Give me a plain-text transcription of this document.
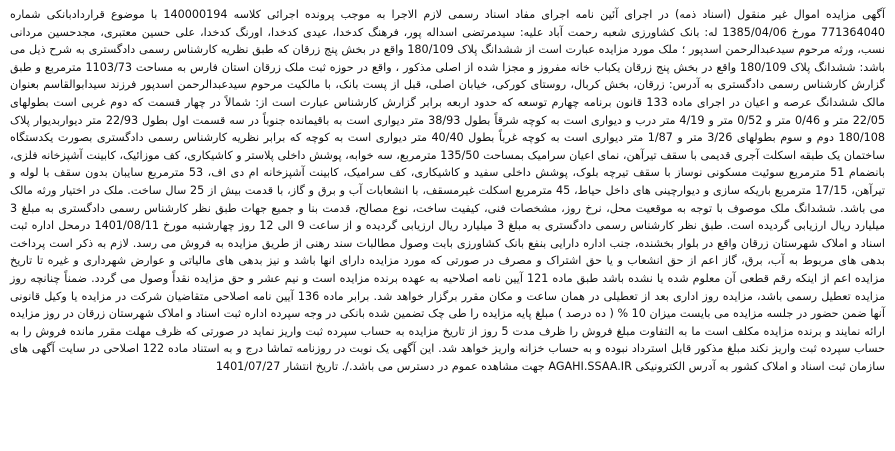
آگهی مزایده اموال غیر منقول (اسناد ذمه) در اجرای آئین نامه اجرای مفاد اسناد رسمی لازم الاجرا به موجب پرونده اجرائی کلاسه 140000194 با موضوع قراردادبانکی شماره 771364040 مورخ 1385/04/06 له: بانک کشاورزی شعبه رحمت آباد علیه: سیدمرتضی اسداله پور، فرهنگ کدخدا، عیدی کدخدا، اورنگ کدخدا، علی حسین معتبری، مجدحسین مردانی نسب، ورثه مرحوم سیدعبدالرحمن اسدپور ؛ ملک مورد مزایده عبارت است از ششدانگ پلاک 180/109 واقع در بخش پنج زرقان که طبق نظریه کارشناس رسمی دادگستری به شرح ذیل می باشد: ششدانگ پلاک 180/109 واقع در بخش پنج زرقان یکباب خانه مفروز و مجزا شده از اصلی مذکور ، واقع در حوزه ثبت ملک زرقان استان فارس به مساحت 1103/73 مترمربع و طبق گزارش کارشناس رسمی دادگستری به آدرس: زرقان، بخش کربال، روستای کورکی، خیابان اصلی، قبل از پست بانک، با مالکیت مرحوم سیدعبدالرحمن اسدپور فرزند سیدابوالقاسم بعنوان مالک ششدانگ عرصه و اعیان در اجرای ماده 133 قانون برنامه چهارم توسعه که حدود اربعه برابر گزارش کارشناس عبارت است از: شمالاً در چهار قسمت که دوم غربی است بطولهای 22/05 متر و 0/46 متر و 0/52 متر و 4/19 متر درب و دیواری است به کوچه شرقاً بطول 38/93 متر دیواری است به باقیمانده جنوباً در سه قسمت اول بطول 22/93 متر دیواربدیوار پلاک 180/108 دوم و سوم بطولهای 3/26 متر و 1/87 متر دیواری است به کوچه غرباً بطول 40/40 متر دیواری است به کوچه که برابر نظریه کارشناس رسمی دادگستری بصورت یکدستگاه ساختمان یک طبقه اسکلت آجری قدیمی با سقف تیرآهن، نمای اعیان سرامیک بمساحت 135/50 مترمربع، سه خوابه، پوشش داخلی پلاستر و کاشیکاری، کف موزائیک، کابینت آشپزخانه فلزی، بانضمام 51 مترمربع سوئیت مسکونی نوساز با سقف تیرچه بلوک، پوشش داخلی سفید و کاشیکاری، کف سرامیک، کابینت آشپزخانه ام دی اف، 53 مترمربع سایبان بدون سقف با لوله و تیرآهن، 17/15 مترمربع باریکه سازی و دیوارچینی های داخل حیاط، 45 مترمربع اسکلت غیرمسقف، با انشعابات آب و برق و گاز، با قدمت بیش از 25 سال ساخت. ملک در اختیار ورثه مالک می باشد. ششدانگ ملک موصوف با توجه به موقعیت محل، نرخ روز، مشخصات فنی، کیفیت ساخت، نوع مصالح، قدمت بنا و جمیع جهات طبق نظر کارشناس رسمی دادگستری به مبلغ 3 میلیارد ریال ارزیابی گردیده است. طبق نظر کارشناس رسمی دادگستری به مبلغ 3 میلیارد ریال ارزیابی گردیده و از ساعت 9 الی 12 روز چهارشنبه مورخ 1401/08/11 درمحل اداره ثبت اسناد و املاک شهرستان زرقان واقع در بلوار بخشنده، جنب اداره دارایی بنفع بانک کشاورزی بابت وصول مطالبات سند رهنی از طریق مزایده به فروش می رسد. لازم به ذکر است پرداخت بدهی های مربوط به آب، برق، گاز اعم از حق انشعاب و یا حق اشتراک و مصرف در صورتی که مورد مزایده دارای انها باشد و نیز بدهی های مالیاتی و عوارض شهرداری و غیره تا تاریخ مزایده اعم از اینکه رقم قطعی آن معلوم شده یا نشده باشد طبق ماده 121 آیین نامه اصلاحیه به عهده برنده مزایده است و نیم عشر و حق مزایده نقداً وصول می گردد. ضمناً چنانچه روز مزایده تعطیل رسمی باشد، مزایده روز اداری بعد از تعطیلی در همان ساعت و مکان مقرر برگزار خواهد شد. برابر ماده 136 آیین نامه اصلاحی متقاضیان شرکت در مزایده یا وکیل قانونی آنها ضمن حضور در جلسه مزایده می بایست میزان 10 % ( ده درصد ) مبلغ پایه مزایده را طی چک تضمین شده بانکی در وجه سپرده اداره ثبت اسناد و املاک شهرستان زرقان در روز مزایده ارائه نمایند و برنده مزایده مکلف است ما به التفاوت مبلغ فروش را ظرف مدت 5 روز از تاریخ مزایده به حساب سپرده ثبت واریز نماید در صورتی که ظرف مهلت مقرر مانده فروش را به حساب سپرده ثبت واریز نکند مبلغ مذکور قابل استرداد نبوده و به حساب خزانه واریز خواهد شد. این آگهی یک نوبت در روزنامه تماشا درج و به استناد ماده 122 اصلاحی در سایت آگهی های سازمان ثبت اسناد و املاک کشور به آدرس الکترونیکی AGAHI.SSAA.IR جهت مشاهده عموم در دسترس می باشد./. تاریخ انتشار 1401/07/27
